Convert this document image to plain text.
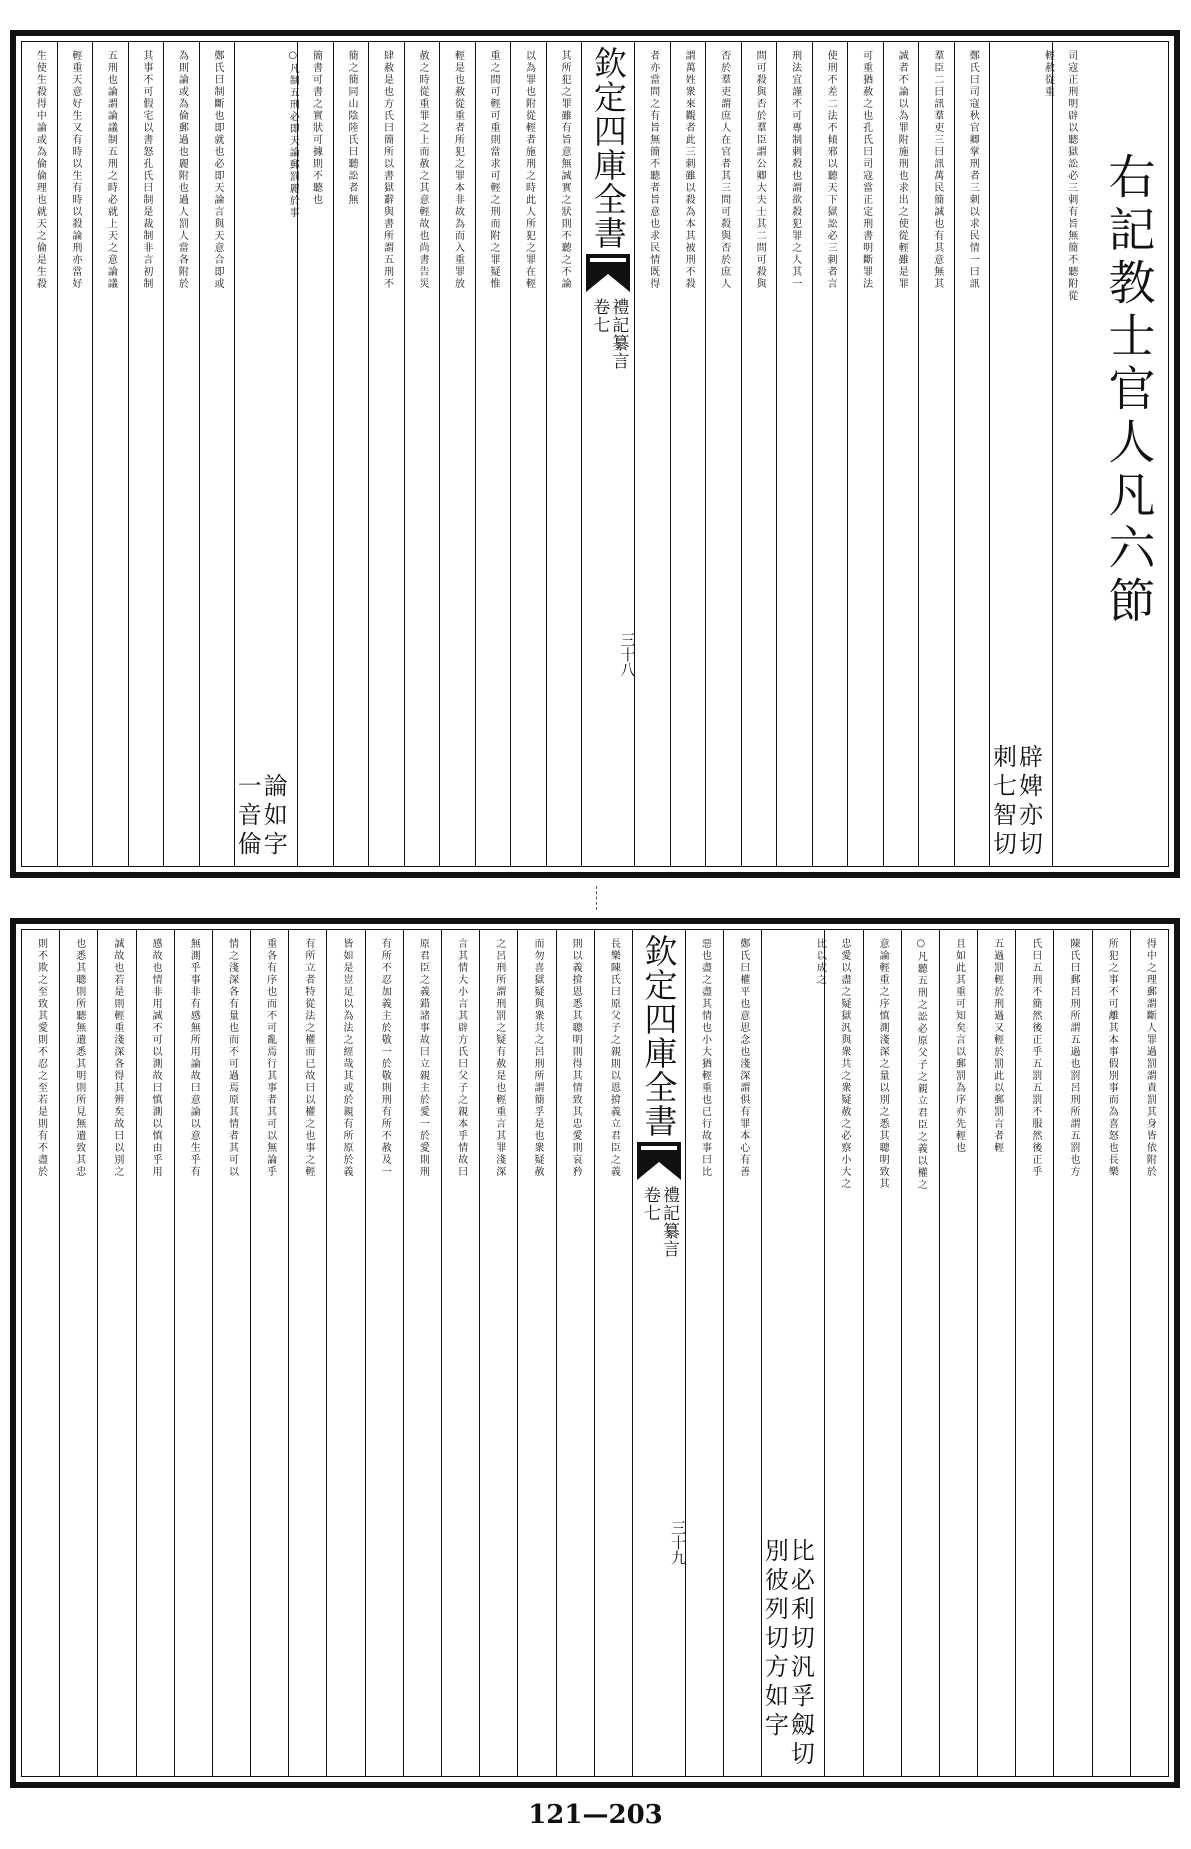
右記教士官人凡六節
司寇正刑明辟以聽獄訟必三刺有旨無簡不聽附從
輕赦從重
辟婢亦切
刺七智切
鄭氏曰司寇秋官卿掌刑者三刺以求民情一曰訊
羣臣二曰訊羣吏三曰訊萬民簡誠也有其意無其
誠者不論以為罪附施刑也求出之使從輕雖是罪
可重猶赦之也孔氏曰司寇當正定刑書明斷罪法
使刑不差二法不傾邪以聽天下獄訟必三刺者言
刑法宜謹不可專制刺殺也謂欲殺犯罪之人其一
問可殺與否於羣臣謂公卿大夫士其二問可殺與
否於羣吏謂庶人在官者其三問可殺與否於庶人
謂萬姓衆來觀者此三刺雖以殺為本其被刑不殺
者亦當問之有旨無簡不聽者旨意也求民情既得
欽定四庫全書
禮記纂言
卷七
三十八
其所犯之罪雖有旨意無誠實之狀則不聽之不論
以為罪也附從輕者施刑之時此人所犯之罪在輕
重之間可輕可重則當求可輕之刑而附之罪疑惟
輕是也赦從重者所犯之罪本非故為而入重罪放
赦之時從重罪之上而赦之其意輕故也尚書告災
肆赦是也方氏曰簡所以書獄辭與書所謂五刑不
簡之簡同山陰陸氏曰聽訟者無
簡書可書之實狀可據則不聽也
○凡制五刑必即天論郵罰麗於事
論如字
一音倫
鄭氏曰制斷也即就也必即天論言與天意合即或
為則論或為倫郵過也麗附也過人罰人當各附於
其事不可假宅以書怒孔氏曰制是裁制非言初制
五刑也論謂論議制五刑之時必就上天之意論議
輕重天意好生又有時以生有時以殺論刑亦當好
生使生殺得中論或為倫倫理也就天之倫是生殺
得中之理郵謂斷人罪過罰謂責罰其身皆依附於
所犯之事不可離其本事假別事而為喜怒也長樂
陳氏曰郵呂刑所謂五過也罰呂刑所謂五罰也方
氏曰五刑不簡然後正乎五罰五罰不服然後正乎
五過罰輕於刑過又輕於罰此以郵罰言者輕
且如此其重可知矣言以郵罰為序亦先輕也
○凡聽五刑之訟必原父子之親立君臣之義以權之
意論輕重之序慎測淺深之量以別之悉其聰明致其
忠愛以盡之疑獄汎與衆共之衆疑赦之必察小大之
比以成之
比必利切汎孚劔切
別彼列切方如字
鄭氏曰權平也意思念也淺深謂俱有罪本心有善
惡也盡之盡其情也小大猶輕重也已行故事曰比
欽定四庫全書
禮記纂言
卷七
三十九
長樂陳氏曰原父子之親則以恩揜義立君臣之義
則以義揜恩悉其聰明則得其情致其忠愛則哀矜
而勿喜獄疑與衆共之呂刑所謂簡孚是也衆疑赦
之呂刑所謂刑罰之疑有赦是也輕重言其罪淺深
言其情大小言其辟方氏曰父子之親本乎情故曰
原君臣之義錯諸事故曰立親主於愛一於愛則刑
有所不忍加義主於敬一於敬則刑有所不赦及一
皆如是豈足以為法之經哉其或於親有所原於義
有所立者特從法之權而已故曰以權之也事之輕
重各有序也而不可亂焉行其事者其可以無論乎
情之淺深各有量也而不可過焉原其情者其可以
無測乎事非有感無所用論故曰意論以意生乎有
感故也情非用誠不可以測故曰慎測以慎由乎用
誠故也若是則輕重淺深各得其辨矣故曰以別之
也悉其聰則所聽無遺悉其明則所見無遺致其忠
則不欺之至致其愛則不忍之至若是則有不盡於
121—203
